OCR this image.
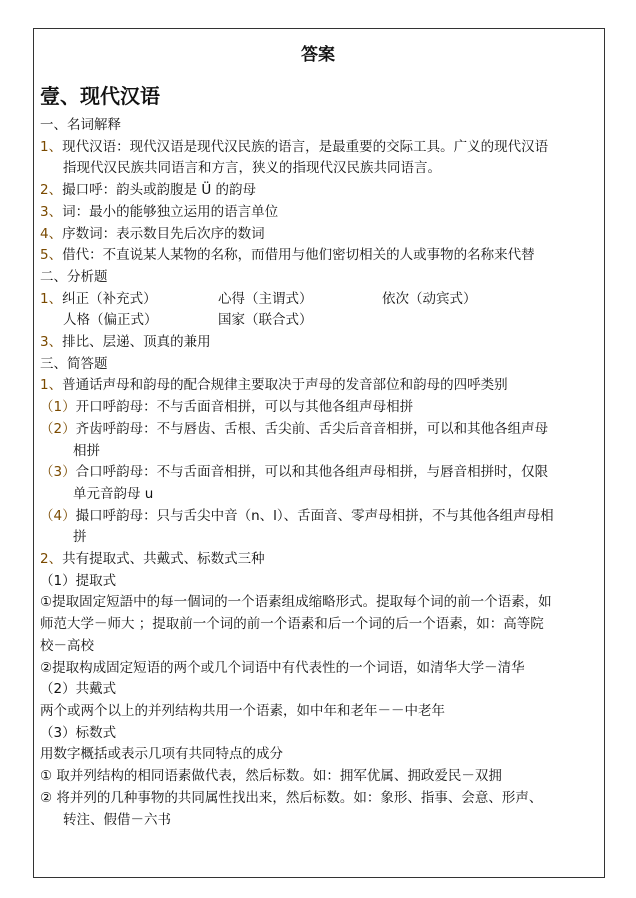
答案
壹、现代汉语
一、名词解释
1、现代汉语：现代汉语是现代汉民族的语言，是最重要的交际工具。广义的现代汉语
指现代汉民族共同语言和方言，狭义的指现代汉民族共同语言。
2、撮口呼：韵头或韵腹是 Ü 的韵母
3、词：最小的能够独立运用的语言单位
4、序数词：表示数目先后次序的数词
5、借代：不直说某人某物的名称，而借用与他们密切相关的人或事物的名称来代替
二、分析题
1、纠正（补充式）	心得（主谓式）	依次（动宾式）
人格（偏正式）	国家（联合式）
3、排比、层递、顶真的兼用
三、简答题
1、普通话声母和韵母的配合规律主要取决于声母的发音部位和韵母的四呼类别
（1）开口呼韵母：不与舌面音相拼，可以与其他各组声母相拼
（2）齐齿呼韵母：不与唇齿、舌根、舌尖前、舌尖后音音相拼，可以和其他各组声母
相拼
（3）合口呼韵母：不与舌面音相拼，可以和其他各组声母相拼，与唇音相拼时，仅限
单元音韵母 u
（4）撮口呼韵母：只与舌尖中音（n、l）、舌面音、零声母相拼，不与其他各组声母相
拼
2、共有提取式、共戴式、标数式三种
（1）提取式
①提取固定短語中的每一個词的一个语素组成缩略形式。提取每个词的前一个语素，如
师范大学－师大 ；提取前一个词的前一个语素和后一个词的后一个语素，如：高等院
校－高校
②提取构成固定短语的两个或几个词语中有代表性的一个词语，如清华大学－清华
（2）共戴式
两个或两个以上的并列结构共用一个语素，如中年和老年－－中老年
（3）标数式
用数字概括或表示几项有共同特点的成分
① 取并列结构的相同语素做代表，然后标数。如：拥军优属、拥政爱民－双拥
② 将并列的几种事物的共同属性找出来，然后标数。如：象形、指事、会意、形声、
转注、假借－六书
